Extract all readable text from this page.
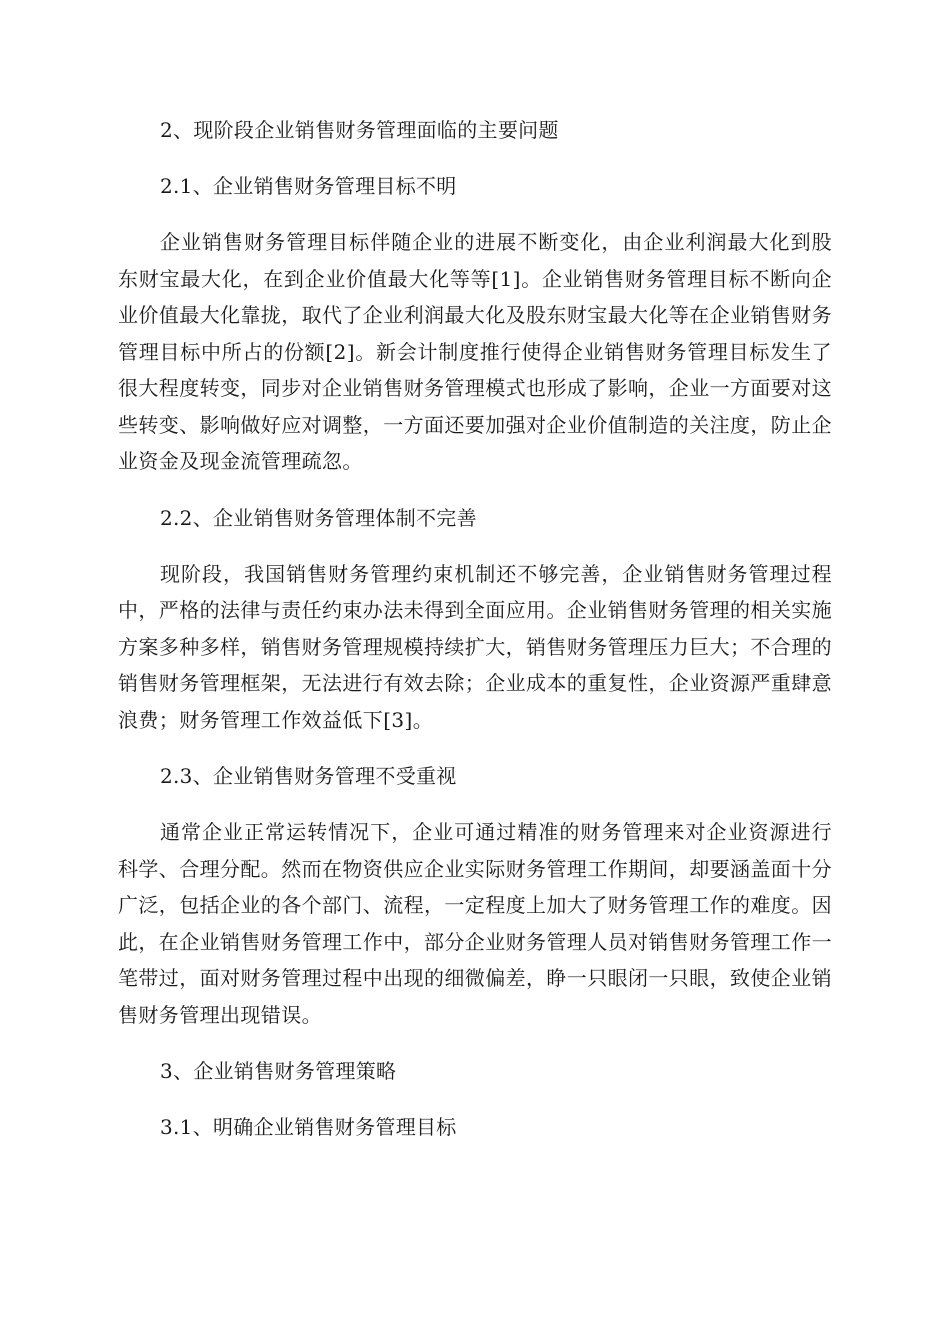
2、现阶段企业销售财务管理面临的主要问题
2.1、企业销售财务管理目标不明

企业销售财务管理目标伴随企业的进展不断变化，由企业利润最大化到股东财宝最大化，在到企业价值最大化等等[1]。企业销售财务管理目标不断向企业价值最大化靠拢，取代了企业利润最大化及股东财宝最大化等在企业销售财务管理目标中所占的份额[2]。新会计制度推行使得企业销售财务管理目标发生了很大程度转变，同步对企业销售财务管理模式也形成了影响，企业一方面要对这些转变、影响做好应对调整，一方面还要加强对企业价值制造的关注度，防止企业资金及现金流管理疏忽。

2.2、企业销售财务管理体制不完善

现阶段，我国销售财务管理约束机制还不够完善，企业销售财务管理过程中，严格的法律与责任约束办法未得到全面应用。企业销售财务管理的相关实施方案多种多样，销售财务管理规模持续扩大，销售财务管理压力巨大；不合理的销售财务管理框架，无法进行有效去除；企业成本的重复性，企业资源严重肆意浪费；财务管理工作效益低下[3]。

2.3、企业销售财务管理不受重视

通常企业正常运转情况下，企业可通过精准的财务管理来对企业资源进行科学、合理分配。然而在物资供应企业实际财务管理工作期间，却要涵盖面十分广泛，包括企业的各个部门、流程，一定程度上加大了财务管理工作的难度。因此，在企业销售财务管理工作中，部分企业财务管理人员对销售财务管理工作一笔带过，面对财务管理过程中出现的细微偏差，睁一只眼闭一只眼，致使企业销售财务管理出现错误。

3、企业销售财务管理策略
3.1、明确企业销售财务管理目标
